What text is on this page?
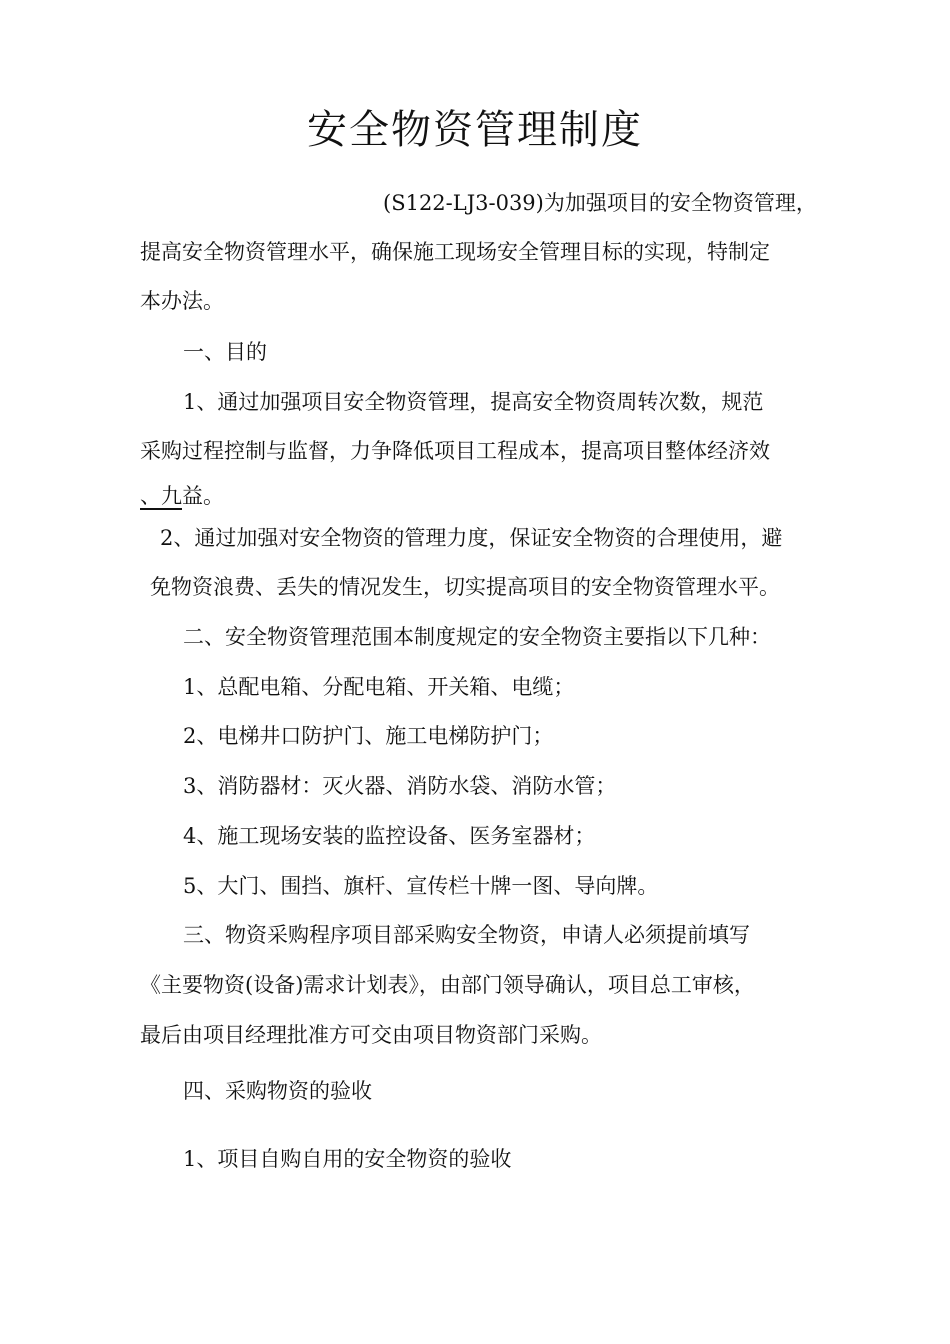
安全物资管理制度
(S122-LJ3-039)为加强项目的安全物资管理，
提高安全物资管理水平，确保施工现场安全管理目标的实现，特制定
本办法。
一、目的
1、通过加强项目安全物资管理，提高安全物资周转次数，规范
采购过程控制与监督，力争降低项目工程成本，提高项目整体经济效
、九益。
2、通过加强对安全物资的管理力度，保证安全物资的合理使用，避
免物资浪费、丢失的情况发生，切实提高项目的安全物资管理水平。
二、安全物资管理范围本制度规定的安全物资主要指以下几种：
1、总配电箱、分配电箱、开关箱、电缆；
2、电梯井口防护门、施工电梯防护门；
3、消防器材：灭火器、消防水袋、消防水管；
4、施工现场安装的监控设备、医务室器材；
5、大门、围挡、旗杆、宣传栏十牌一图、导向牌。
三、物资采购程序项目部采购安全物资，申请人必须提前填写
《主要物资(设备)需求计划表》，由部门领导确认，项目总工审核，
最后由项目经理批准方可交由项目物资部门采购。
四、采购物资的验收
1、项目自购自用的安全物资的验收
